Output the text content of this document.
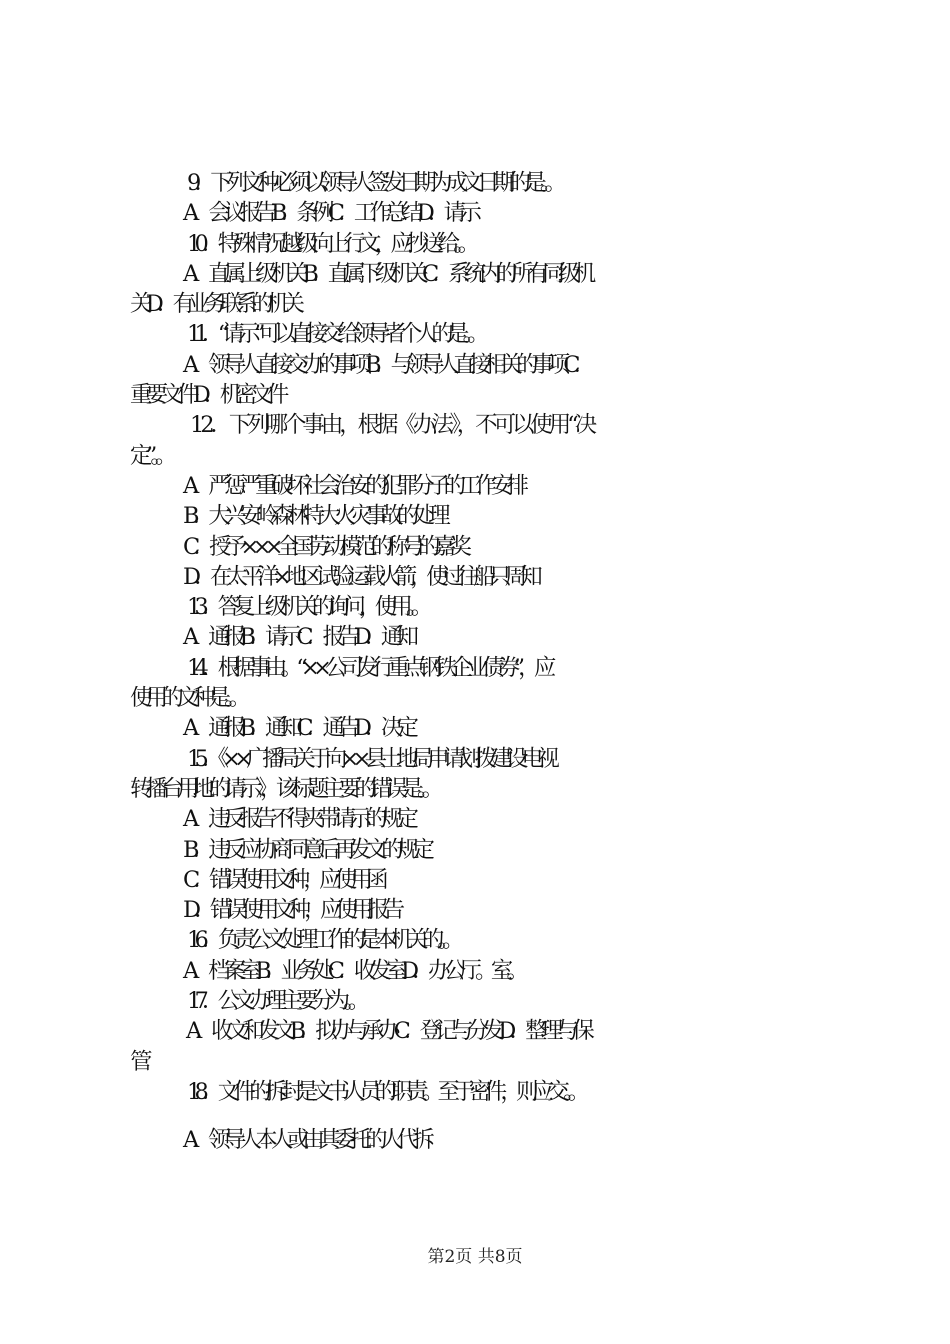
9．下列文种必须以领导人签发日期为成文日期的是。。
A．会议报告B．条例C．工作总结D．请示
10．特殊情况越级向上行文，应抄送给。。
A．直属上级机关B．直属下级机关C．系统内的所有同级机
关D．有业务联系的机关
11．“请示”可以直接交给领导者个人的是。。
A．领导人直接交办的事项B．与领导人直接相关的事项C．
重要文件D．机密文件
12．下列哪个事由，根据《办法》，不可以使用“决
定”。。
A．严惩严重破坏社会治安的犯罪分子的工作安排
B．大兴安岭森林特大火灾事故的处理
C．授予×××全国劳动模范的称号的嘉奖
D．在太平洋×地区试验运载火箭，使过往船只周知
13．答复上级机关的询问，使用。。
A．通报B．请示C．报告D．通知
14．根据事由。“××公司发行重点钢铁企业债券”，应
使用的文种是。。
A．通报B．通知C．通告D．决定
15．《××广播局关于向××县土地局申请划拨建设电视
转播台用地的请示》，该标题主要的错误是。。
A．违反报告不得夹带请示的规定
B．违反应协商同意后再发文的规定
C．错误使用文种，应使用函
D．错误使用文种，应使用报告
16．负责公文处理工作的是本机关的。。
A．档案室B．业务处C．收发室D．办公厅。室。
17．公文办理主要分为。。
A．收文和发文B．拟办与承办C．登记与分发D．整理与保
管
18．文件的拆封是文书人员的职责。至于密件，则应交。。
A．领导人本人或由其委托的人代拆
第2页 共8页
